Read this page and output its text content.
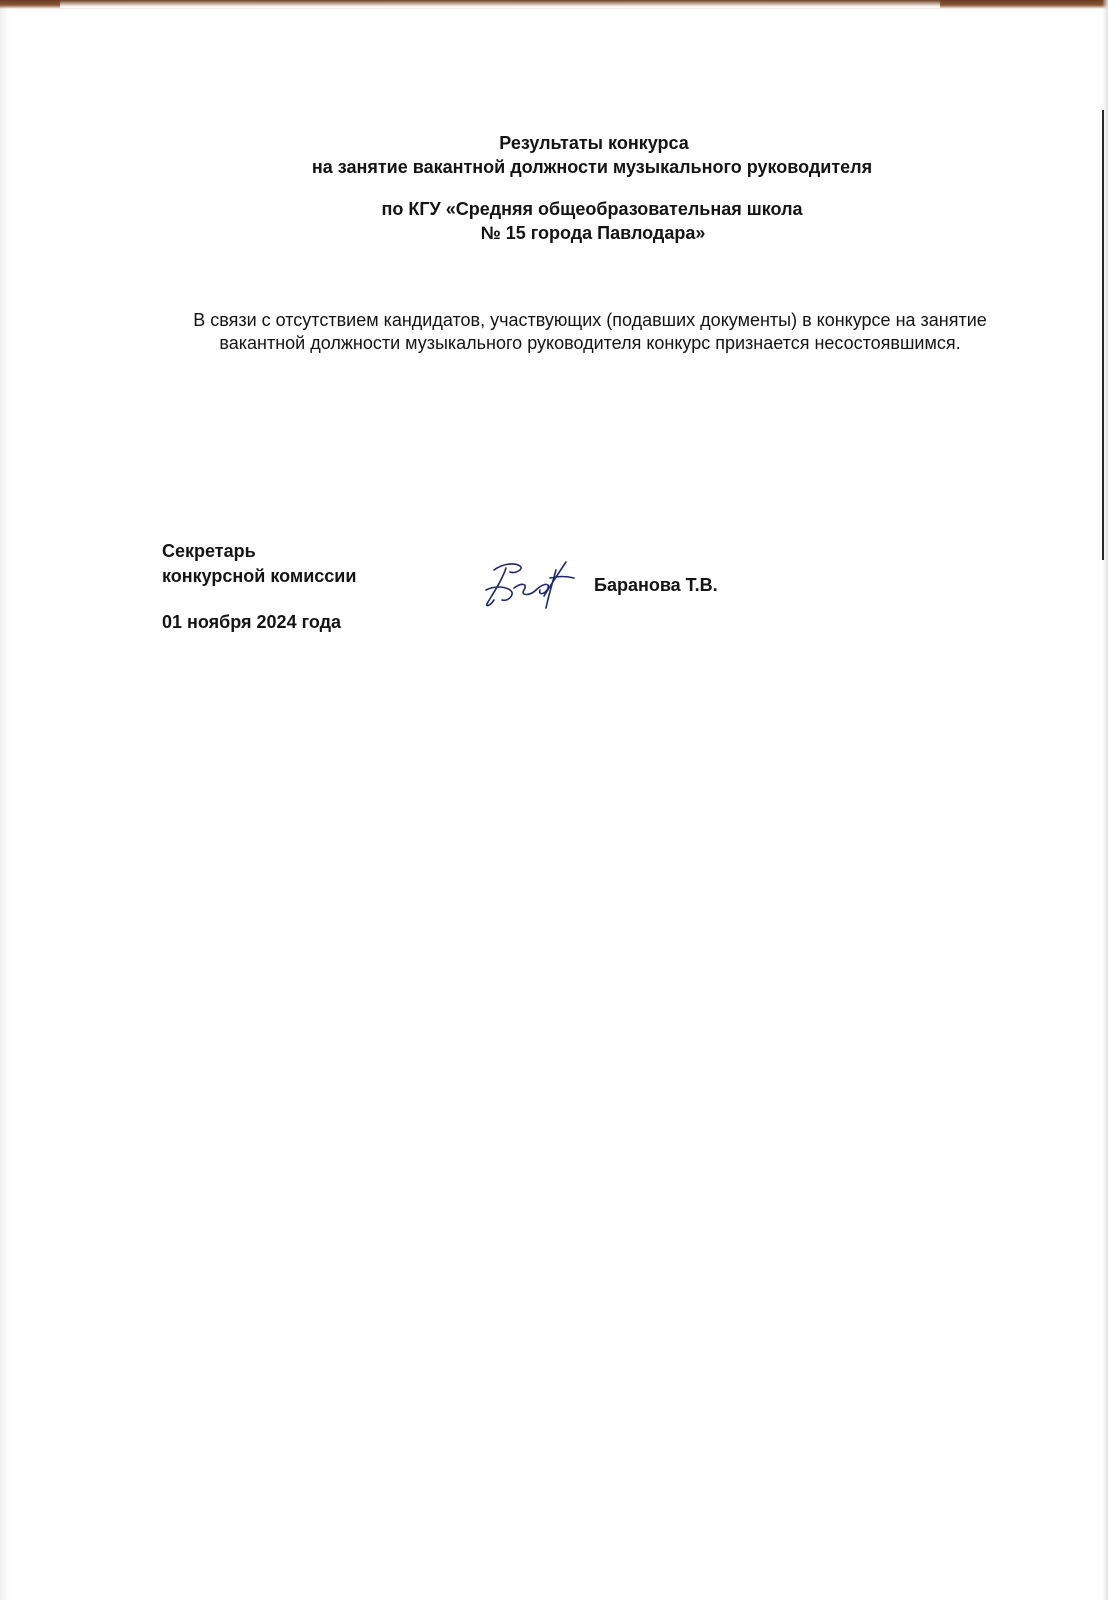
Результаты конкурса
на занятие вакантной должности музыкального руководителя
по КГУ «Средняя общеобразовательная школа
№ 15 города Павлодара»
В связи с отсутствием кандидатов, участвующих (подавших документы) в конкурсе на занятие вакантной должности музыкального руководителя конкурс признается несостоявшимся.
Секретарь
конкурсной комиссии	Баранова Т.В.
01 ноября 2024 года
